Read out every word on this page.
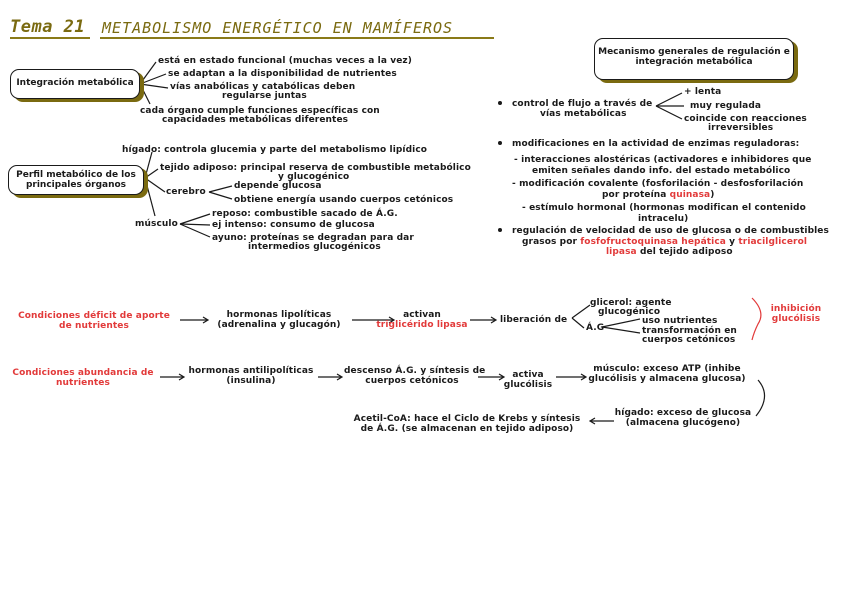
Tema 21 METABOLISMO ENERGÉTICO EN MAMÍFEROS
Integración metabólica
está en estado funcional (muchas veces a la vez)
se adaptan a la disponibilidad de nutrientes
vías anabólicas y catabólicas deben
regularse juntas
cada órgano cumple funciones específicas con
capacidades metabólicas diferentes
Perfil metabólico de los
principales órganos
hígado: controla glucemia y parte del metabolismo lipídico
tejido adiposo: principal reserva de combustible metabólico
y glucogénico
cerebro
depende glucosa
obtiene energía usando cuerpos cetónicos
músculo
reposo: combustible sacado de Á.G.
ej intenso: consumo de glucosa
ayuno: proteínas se degradan para dar
intermedios glucogénicos
Mecanismo generales de regulación e
integración metabólica
control de flujo a través de
vías metabólicas
+ lenta
muy regulada
coincide con reacciones
irreversibles
modificaciones en la actividad de enzimas reguladoras:
- interacciones alostéricas (activadores e inhibidores que
emiten señales dando info. del estado metabólico
- modificación covalente (fosforilación - desfosforilación
por proteína quinasa)
- estímulo hormonal (hormonas modifican el contenido
intracelu)
regulación de velocidad de uso de glucosa o de combustibles
grasos por fosfofructoquinasa hepática y triacilglicerol
lipasa del tejido adiposo
Condiciones déficit de aporte
de nutrientes
hormonas lipolíticas
(adrenalina y glucagón)
activan
triglicérido lipasa	liberación de
glicerol: agente
glucogénico
Á.G
uso nutrientes
transformación en
cuerpos cetónicos
inhibición
glucólisis
Condiciones abundancia de
nutrientes
hormonas antilipolíticas
(insulina)
descenso Á.G. y síntesis de
cuerpos cetónicos
activa
glucólisis
músculo: exceso ATP (inhibe
glucólisis y almacena glucosa)
hígado: exceso de glucosa
(almacena glucógeno)
Acetil-CoA: hace el Ciclo de Krebs y síntesis
de Á.G. (se almacenan en tejido adiposo)
